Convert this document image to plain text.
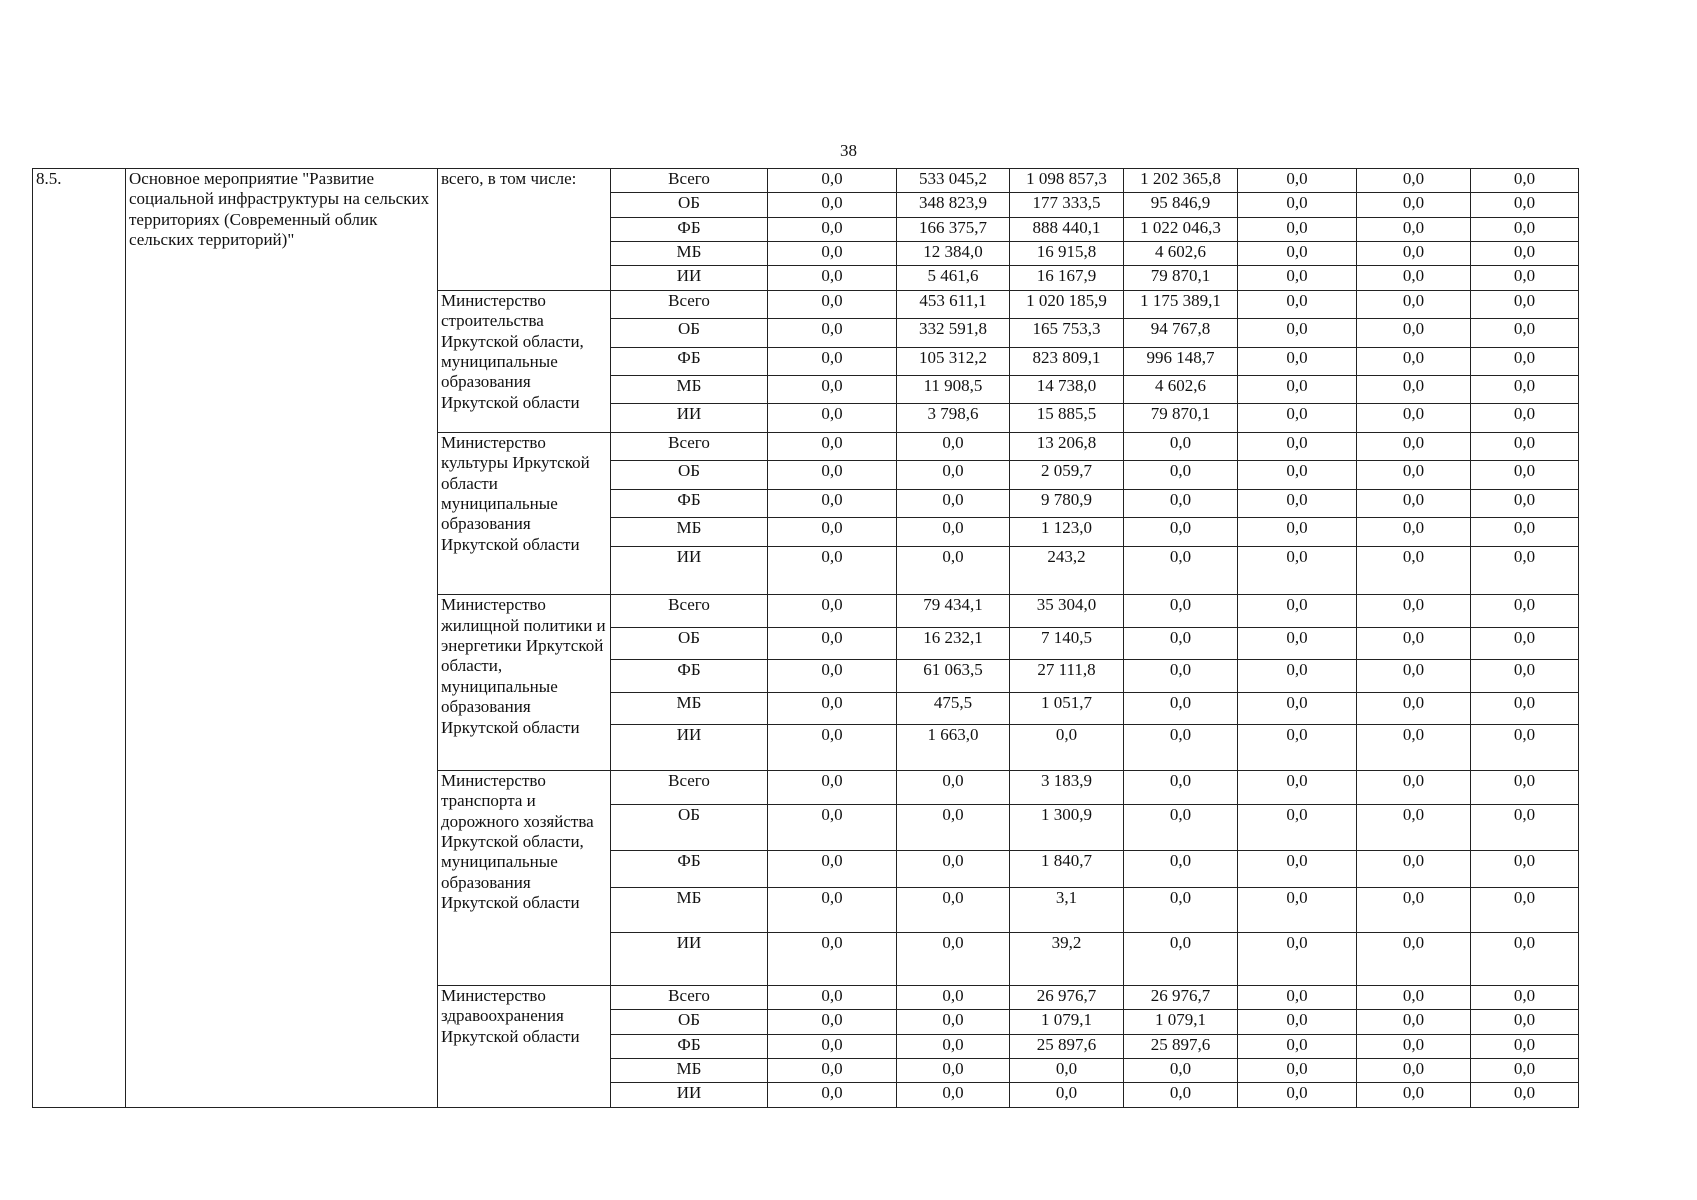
38
8.5.	Основное мероприятие "Развитие социальной инфраструктуры на сельских территориях (Современный облик сельских территорий)"	всего, в том числе:	Всего	0,0	533 045,2	1 098 857,3	1 202 365,8	0,0	0,0	0,0
			ОБ	0,0	348 823,9	177 333,5	95 846,9	0,0	0,0	0,0
			ФБ	0,0	166 375,7	888 440,1	1 022 046,3	0,0	0,0	0,0
			МБ	0,0	12 384,0	16 915,8	4 602,6	0,0	0,0	0,0
			ИИ	0,0	5 461,6	16 167,9	79 870,1	0,0	0,0	0,0
		Министерство строительства Иркутской области, муниципальные образования Иркутской области	Всего	0,0	453 611,1	1 020 185,9	1 175 389,1	0,0	0,0	0,0
			ОБ	0,0	332 591,8	165 753,3	94 767,8	0,0	0,0	0,0
			ФБ	0,0	105 312,2	823 809,1	996 148,7	0,0	0,0	0,0
			МБ	0,0	11 908,5	14 738,0	4 602,6	0,0	0,0	0,0
			ИИ	0,0	3 798,6	15 885,5	79 870,1	0,0	0,0	0,0
		Министерство культуры Иркутской области муниципальные образования Иркутской области	Всего	0,0	0,0	13 206,8	0,0	0,0	0,0	0,0
			ОБ	0,0	0,0	2 059,7	0,0	0,0	0,0	0,0
			ФБ	0,0	0,0	9 780,9	0,0	0,0	0,0	0,0
			МБ	0,0	0,0	1 123,0	0,0	0,0	0,0	0,0
			ИИ	0,0	0,0	243,2	0,0	0,0	0,0	0,0
		Министерство жилищной политики и энергетики Иркутской области, муниципальные образования Иркутской области	Всего	0,0	79 434,1	35 304,0	0,0	0,0	0,0	0,0
			ОБ	0,0	16 232,1	7 140,5	0,0	0,0	0,0	0,0
			ФБ	0,0	61 063,5	27 111,8	0,0	0,0	0,0	0,0
			МБ	0,0	475,5	1 051,7	0,0	0,0	0,0	0,0
			ИИ	0,0	1 663,0	0,0	0,0	0,0	0,0	0,0
		Министерство транспорта и дорожного хозяйства Иркутской области, муниципальные образования Иркутской области	Всего	0,0	0,0	3 183,9	0,0	0,0	0,0	0,0
			ОБ	0,0	0,0	1 300,9	0,0	0,0	0,0	0,0
			ФБ	0,0	0,0	1 840,7	0,0	0,0	0,0	0,0
			МБ	0,0	0,0	3,1	0,0	0,0	0,0	0,0
			ИИ	0,0	0,0	39,2	0,0	0,0	0,0	0,0
		Министерство здравоохранения Иркутской области	Всего	0,0	0,0	26 976,7	26 976,7	0,0	0,0	0,0
			ОБ	0,0	0,0	1 079,1	1 079,1	0,0	0,0	0,0
			ФБ	0,0	0,0	25 897,6	25 897,6	0,0	0,0	0,0
			МБ	0,0	0,0	0,0	0,0	0,0	0,0	0,0
			ИИ	0,0	0,0	0,0	0,0	0,0	0,0	0,0
